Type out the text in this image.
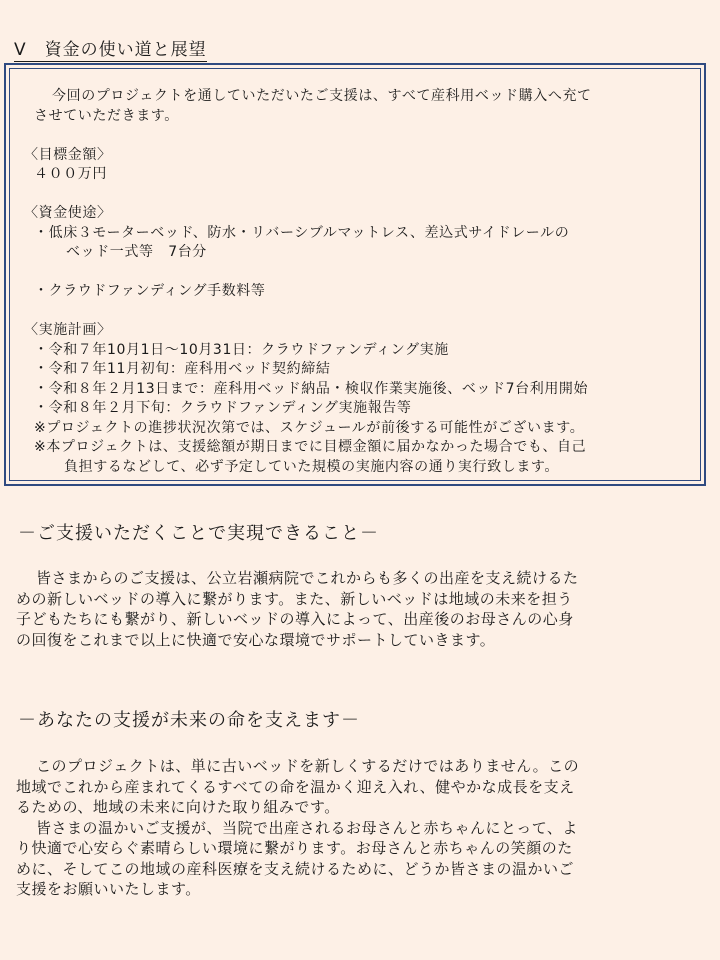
Ⅴ　資金の使い道と展望

今回のプロジェクトを通していただいたご支援は、すべて産科用ベッド購入へ充て

させていただきます。

〈目標金額〉

４００万円

〈資金使途〉

・低床３モーターベッド、防水・リバーシブルマットレス、差込式サイドレールの

ベッド一式等　7台分

・クラウドファンディング手数料等

〈実施計画〉

・令和７年10月1日～10月31日：クラウドファンディング実施

・令和７年11月初旬：産科用ベッド契約締結

・令和８年２月13日まで：産科用ベッド納品・検収作業実施後、ベッド7台利用開始

・令和８年２月下旬：クラウドファンディング実施報告等

※プロジェクトの進捗状況次第では、スケジュールが前後する可能性がございます。

※本プロジェクトは、支援総額が期日までに目標金額に届かなかった場合でも、自己

負担するなどして、必ず予定していた規模の実施内容の通り実行致します。

－ご支援いただくことで実現できること－

皆さまからのご支援は、公立岩瀬病院でこれからも多くの出産を支え続けるた

めの新しいベッドの導入に繋がります。また、新しいベッドは地域の未来を担う

子どもたちにも繋がり、新しいベッドの導入によって、出産後のお母さんの心身

の回復をこれまで以上に快適で安心な環境でサポートしていきます。

－あなたの支援が未来の命を支えます－

このプロジェクトは、単に古いベッドを新しくするだけではありません。この

地域でこれから産まれてくるすべての命を温かく迎え入れ、健やかな成長を支え

るための、地域の未来に向けた取り組みです。

皆さまの温かいご支援が、当院で出産されるお母さんと赤ちゃんにとって、よ

り快適で心安らぐ素晴らしい環境に繋がります。お母さんと赤ちゃんの笑顔のた

めに、そしてこの地域の産科医療を支え続けるために、どうか皆さまの温かいご

支援をお願いいたします。
